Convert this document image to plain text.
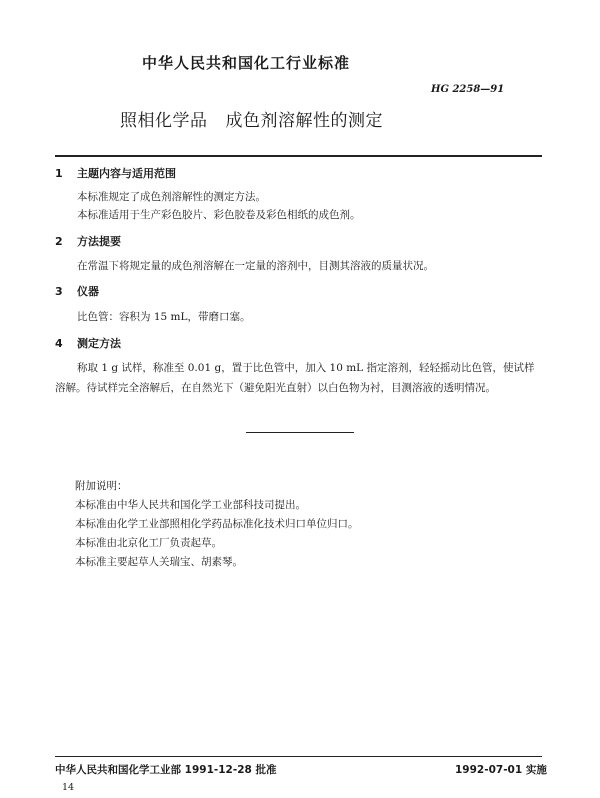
中华人民共和国化工行业标准
HG 2258—91
照相化学品 成色剂溶解性的测定
1 主题内容与适用范围
本标准规定了成色剂溶解性的测定方法。
本标准适用于生产彩色胶片、彩色胶卷及彩色相纸的成色剂。
2 方法提要
在常温下将规定量的成色剂溶解在一定量的溶剂中，目测其溶液的质量状况。
3 仪器
比色管：容积为 15 mL，带磨口塞。
4 测定方法
称取 1 g 试样，称准至 0.01 g，置于比色管中，加入 10 mL 指定溶剂，轻轻摇动比色管，使试样溶解。待试样完全溶解后，在自然光下（避免阳光直射）以白色物为衬，目测溶液的透明情况。
附加说明：
本标准由中华人民共和国化学工业部科技司提出。
本标准由化学工业部照相化学药品标准化技术归口单位归口。
本标准由北京化工厂负责起草。
本标准主要起草人关瑞宝、胡素琴。
中华人民共和国化学工业部 1991-12-28 批准	1992-07-01 实施
14
